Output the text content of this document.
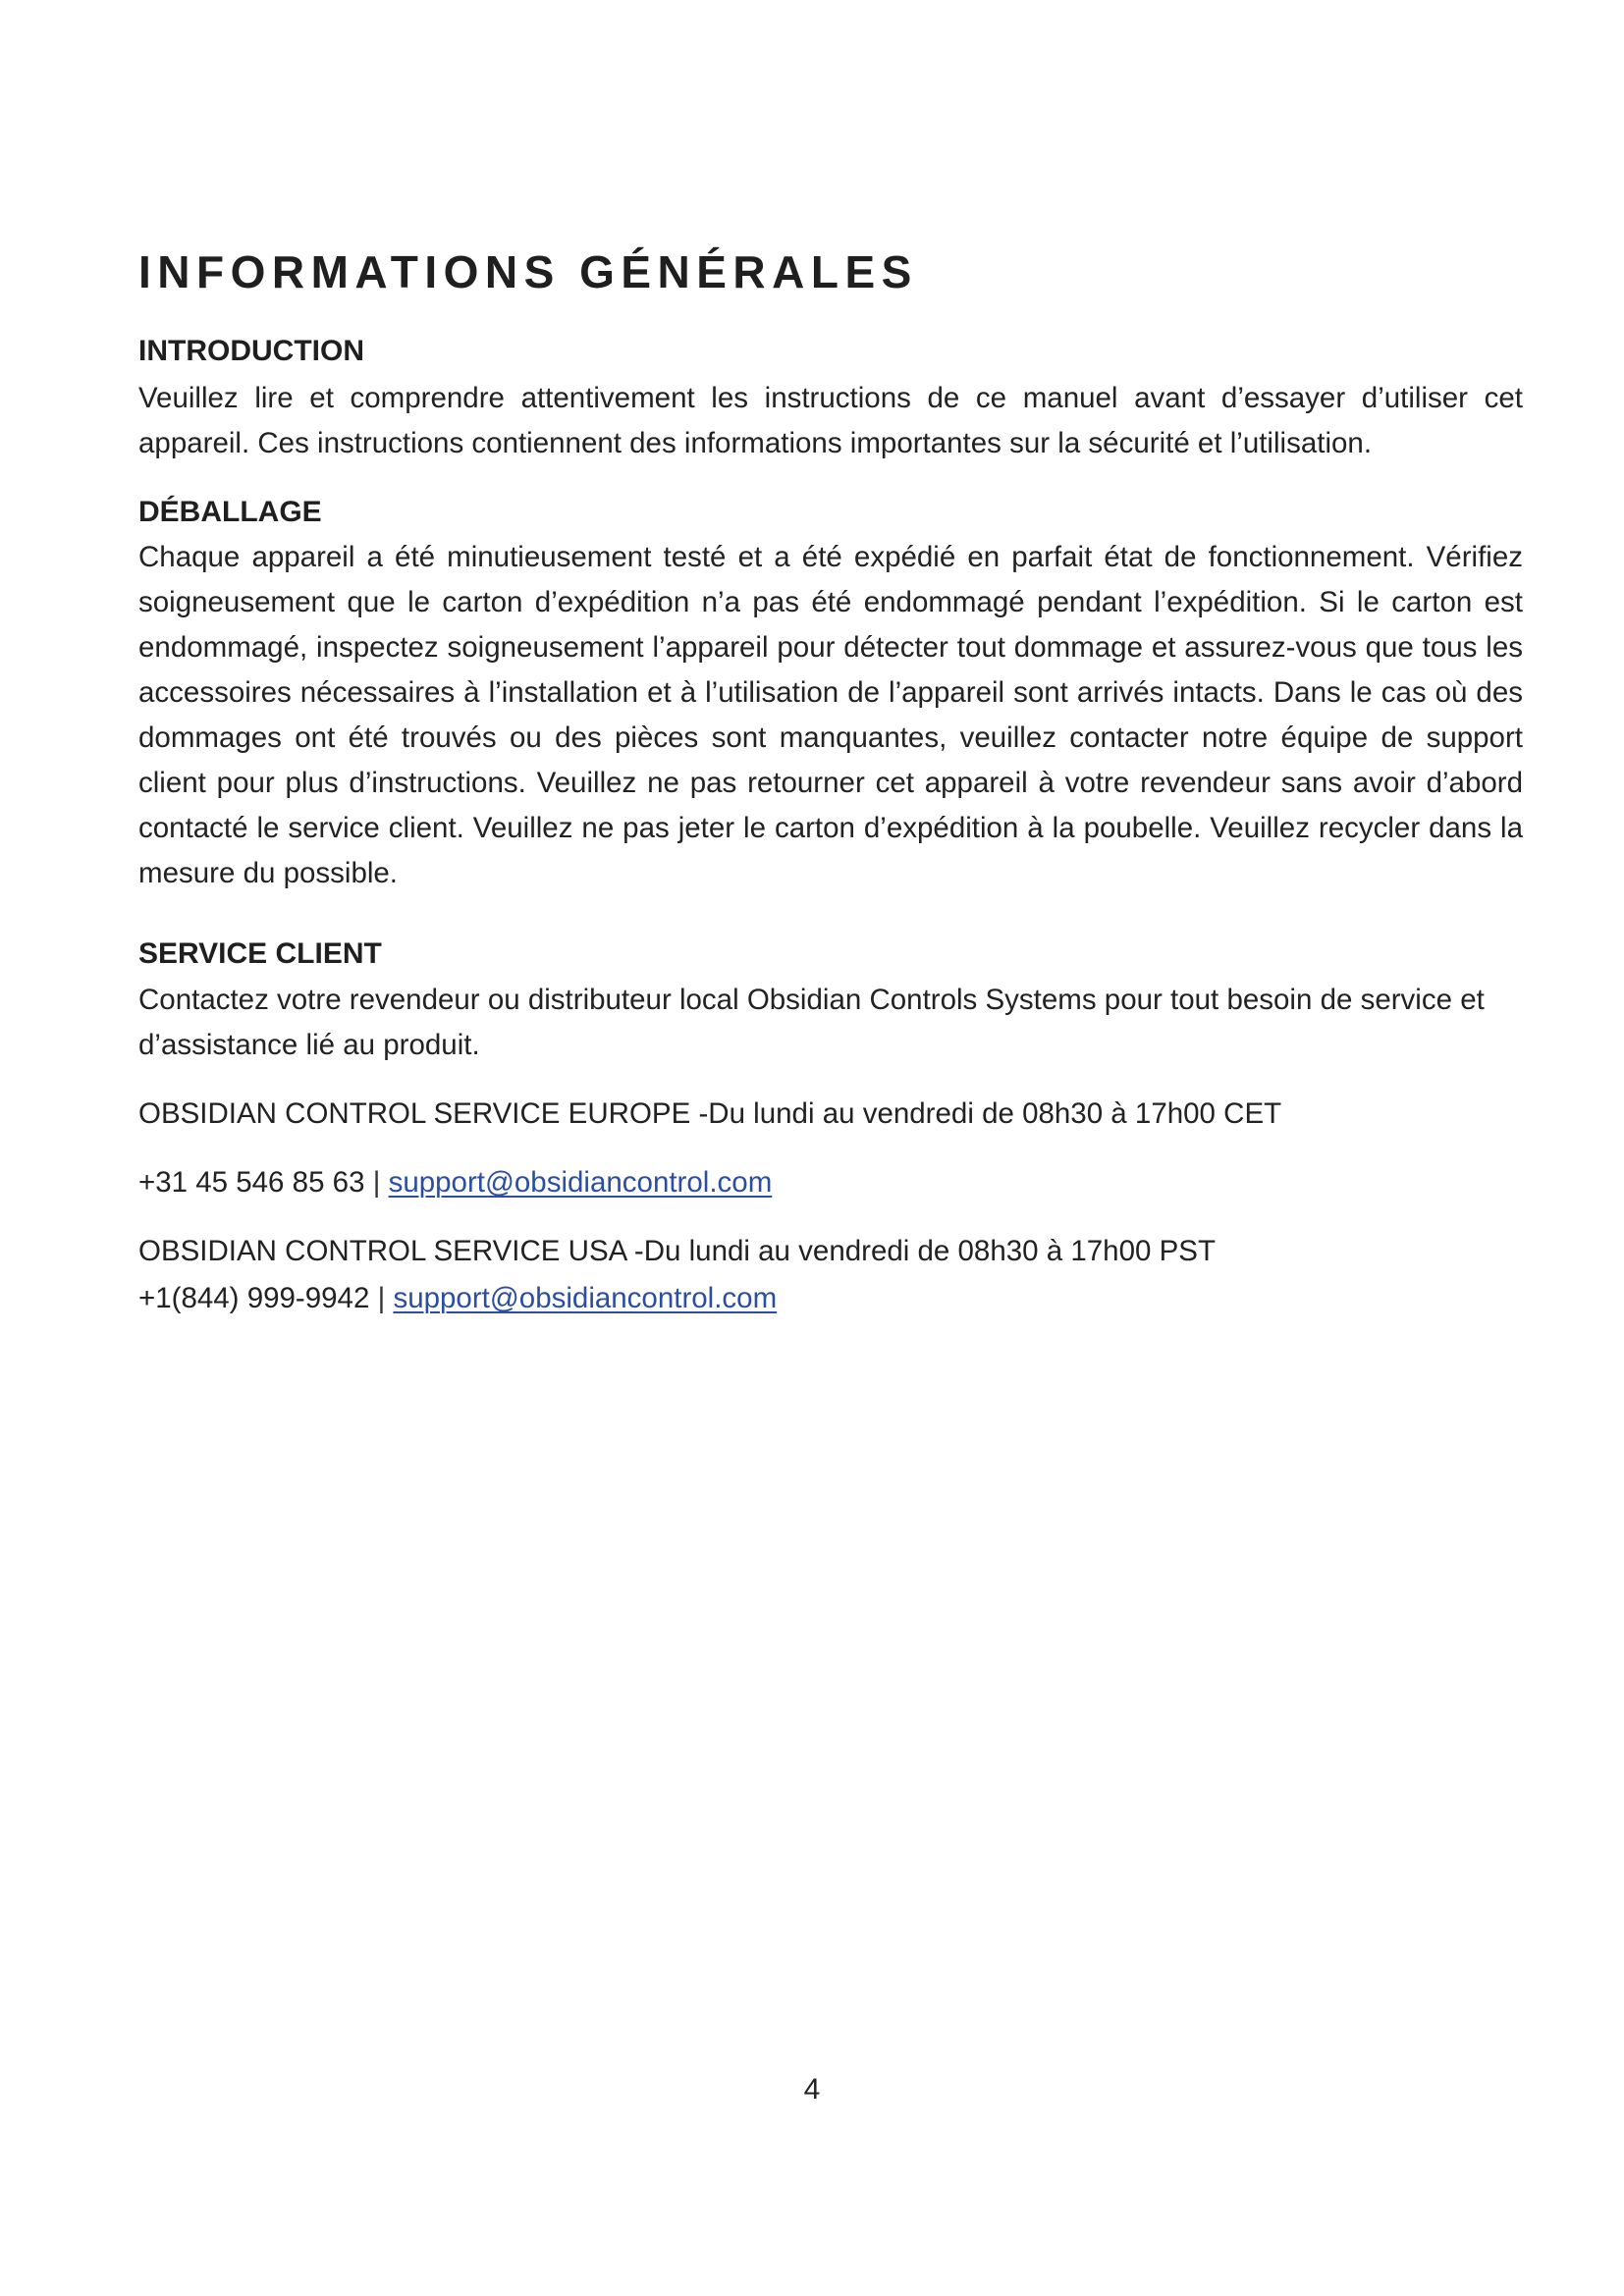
INFORMATIONS GÉNÉRALES
INTRODUCTION

Veuillez lire et comprendre attentivement les instructions de ce manuel avant d’essayer d’utiliser cet appareil. Ces instructions contiennent des informations importantes sur la sécurité et l’utilisation.

DÉBALLAGE

Chaque appareil a été minutieusement testé et a été expédié en parfait état de fonctionnement. Vérifiez soigneusement que le carton d’expédition n’a pas été endommagé pendant l’expédition. Si le carton est endommagé, inspectez soigneusement l’appareil pour détecter tout dommage et assurez-vous que tous les accessoires nécessaires à l’installation et à l’utilisation de l’appareil sont arrivés intacts. Dans le cas où des dommages ont été trouvés ou des pièces sont manquantes, veuillez contacter notre équipe de support client pour plus d’instructions. Veuillez ne pas retourner cet appareil à votre revendeur sans avoir d’abord contacté le service client. Veuillez ne pas jeter le carton d’expédition à la poubelle. Veuillez recycler dans la mesure du possible.

SERVICE CLIENT

Contactez votre revendeur ou distributeur local Obsidian Controls Systems pour tout besoin de service et d’assistance lié au produit.

OBSIDIAN CONTROL SERVICE EUROPE -Du lundi au vendredi de 08h30 à 17h00 CET

+31 45 546 85 63 | support@obsidiancontrol.com

OBSIDIAN CONTROL SERVICE USA -Du lundi au vendredi de 08h30 à 17h00 PST

+1(844) 999-9942 | support@obsidiancontrol.com

4
